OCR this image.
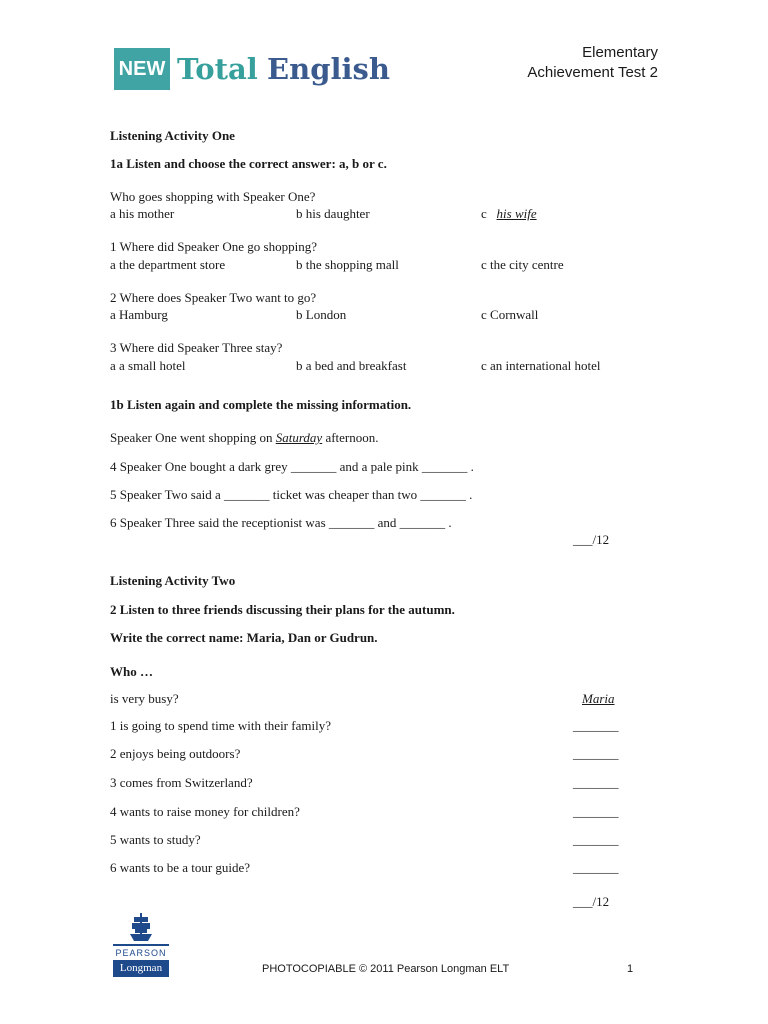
NEW Total English	Elementary
Achievement Test 2
Listening Activity One
1a Listen and choose the correct answer: a, b or c.
Who goes shopping with Speaker One?
a his mother	b his daughter	c his wife
1 Where did Speaker One go shopping?
a the department store	b the shopping mall	c the city centre
2 Where does Speaker Two want to go?
a Hamburg	b London	c Cornwall
3 Where did Speaker Three stay?
a a small hotel	b a bed and breakfast	c an international hotel
1b Listen again and complete the missing information.
Speaker One went shopping on Saturday afternoon.
4 Speaker One bought a dark grey _______ and a pale pink _______ .
5 Speaker Two said a _______ ticket was cheaper than two _______ .
6 Speaker Three said the receptionist was _______ and _______ .
___/12
Listening Activity Two
2 Listen to three friends discussing their plans for the autumn.
Write the correct name: Maria, Dan or Gudrun.
Who …
is very busy?	Maria
1 is going to spend time with their family?	_______
2 enjoys being outdoors?	_______
3 comes from Switzerland?	_______
4 wants to raise money for children?	_______
5 wants to study?	_______
6 wants to be a tour guide?	_______
___/12
PEARSON
Longman	PHOTOCOPIABLE © 2011 Pearson Longman ELT	1
